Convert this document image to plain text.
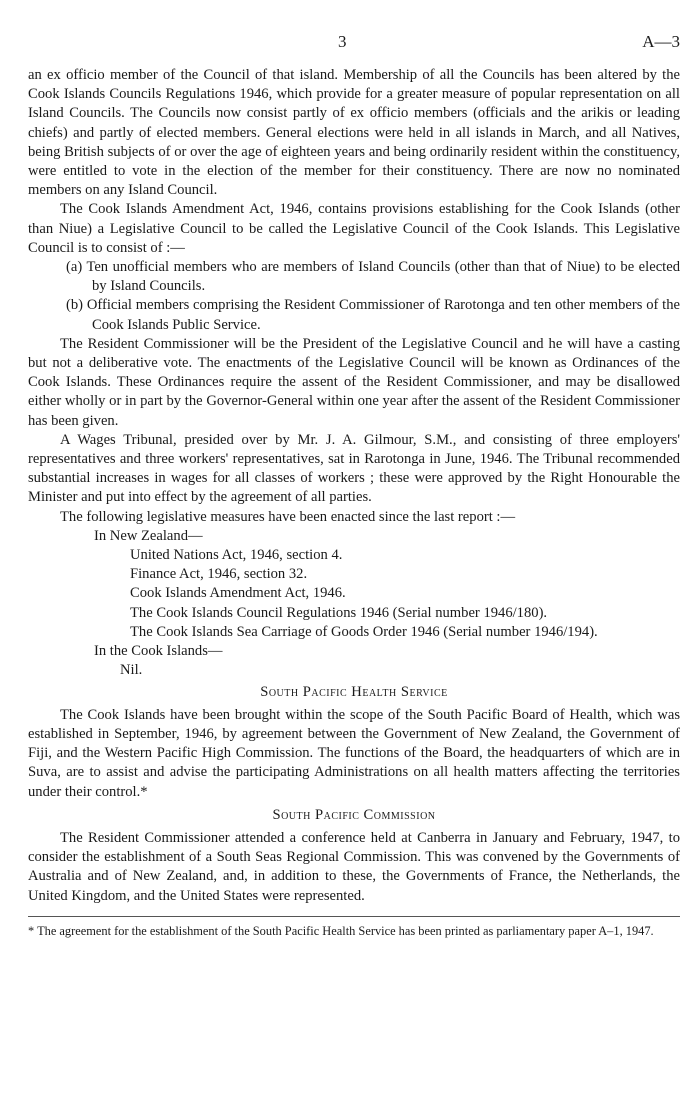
3	A—3

an ex officio member of the Council of that island. Membership of all the Councils has been altered by the Cook Islands Councils Regulations 1946, which provide for a greater measure of popular representation on all Island Councils. The Councils now consist partly of ex officio members (officials and the arikis or leading chiefs) and partly of elected members. General elections were held in all islands in March, and all Natives, being British subjects of or over the age of eighteen years and being ordinarily resident within the constituency, were entitled to vote in the election of the member for their constituency. There are now no nominated members on any Island Council.

The Cook Islands Amendment Act, 1946, contains provisions establishing for the Cook Islands (other than Niue) a Legislative Council to be called the Legislative Council of the Cook Islands. This Legislative Council is to consist of :—

(a) Ten unofficial members who are members of Island Councils (other than that of Niue) to be elected by Island Councils.

(b) Official members comprising the Resident Commissioner of Rarotonga and ten other members of the Cook Islands Public Service.

The Resident Commissioner will be the President of the Legislative Council and he will have a casting but not a deliberative vote. The enactments of the Legislative Council will be known as Ordinances of the Cook Islands. These Ordinances require the assent of the Resident Commissioner, and may be disallowed either wholly or in part by the Governor-General within one year after the assent of the Resident Commissioner has been given.

A Wages Tribunal, presided over by Mr. J. A. Gilmour, S.M., and consisting of three employers' representatives and three workers' representatives, sat in Rarotonga in June, 1946. The Tribunal recommended substantial increases in wages for all classes of workers ; these were approved by the Right Honourable the Minister and put into effect by the agreement of all parties.

The following legislative measures have been enacted since the last report :—

In New Zealand—

United Nations Act, 1946, section 4.

Finance Act, 1946, section 32.

Cook Islands Amendment Act, 1946.

The Cook Islands Council Regulations 1946 (Serial number 1946/180).

The Cook Islands Sea Carriage of Goods Order 1946 (Serial number 1946/194).

In the Cook Islands—

Nil.

South Pacific Health Service

The Cook Islands have been brought within the scope of the South Pacific Board of Health, which was established in September, 1946, by agreement between the Government of New Zealand, the Government of Fiji, and the Western Pacific High Commission. The functions of the Board, the headquarters of which are in Suva, are to assist and advise the participating Administrations on all health matters affecting the territories under their control.*

South Pacific Commission

The Resident Commissioner attended a conference held at Canberra in January and February, 1947, to consider the establishment of a South Seas Regional Commission. This was convened by the Governments of Australia and of New Zealand, and, in addition to these, the Governments of France, the Netherlands, the United Kingdom, and the United States were represented.

* The agreement for the establishment of the South Pacific Health Service has been printed as parliamentary paper A–1, 1947.
